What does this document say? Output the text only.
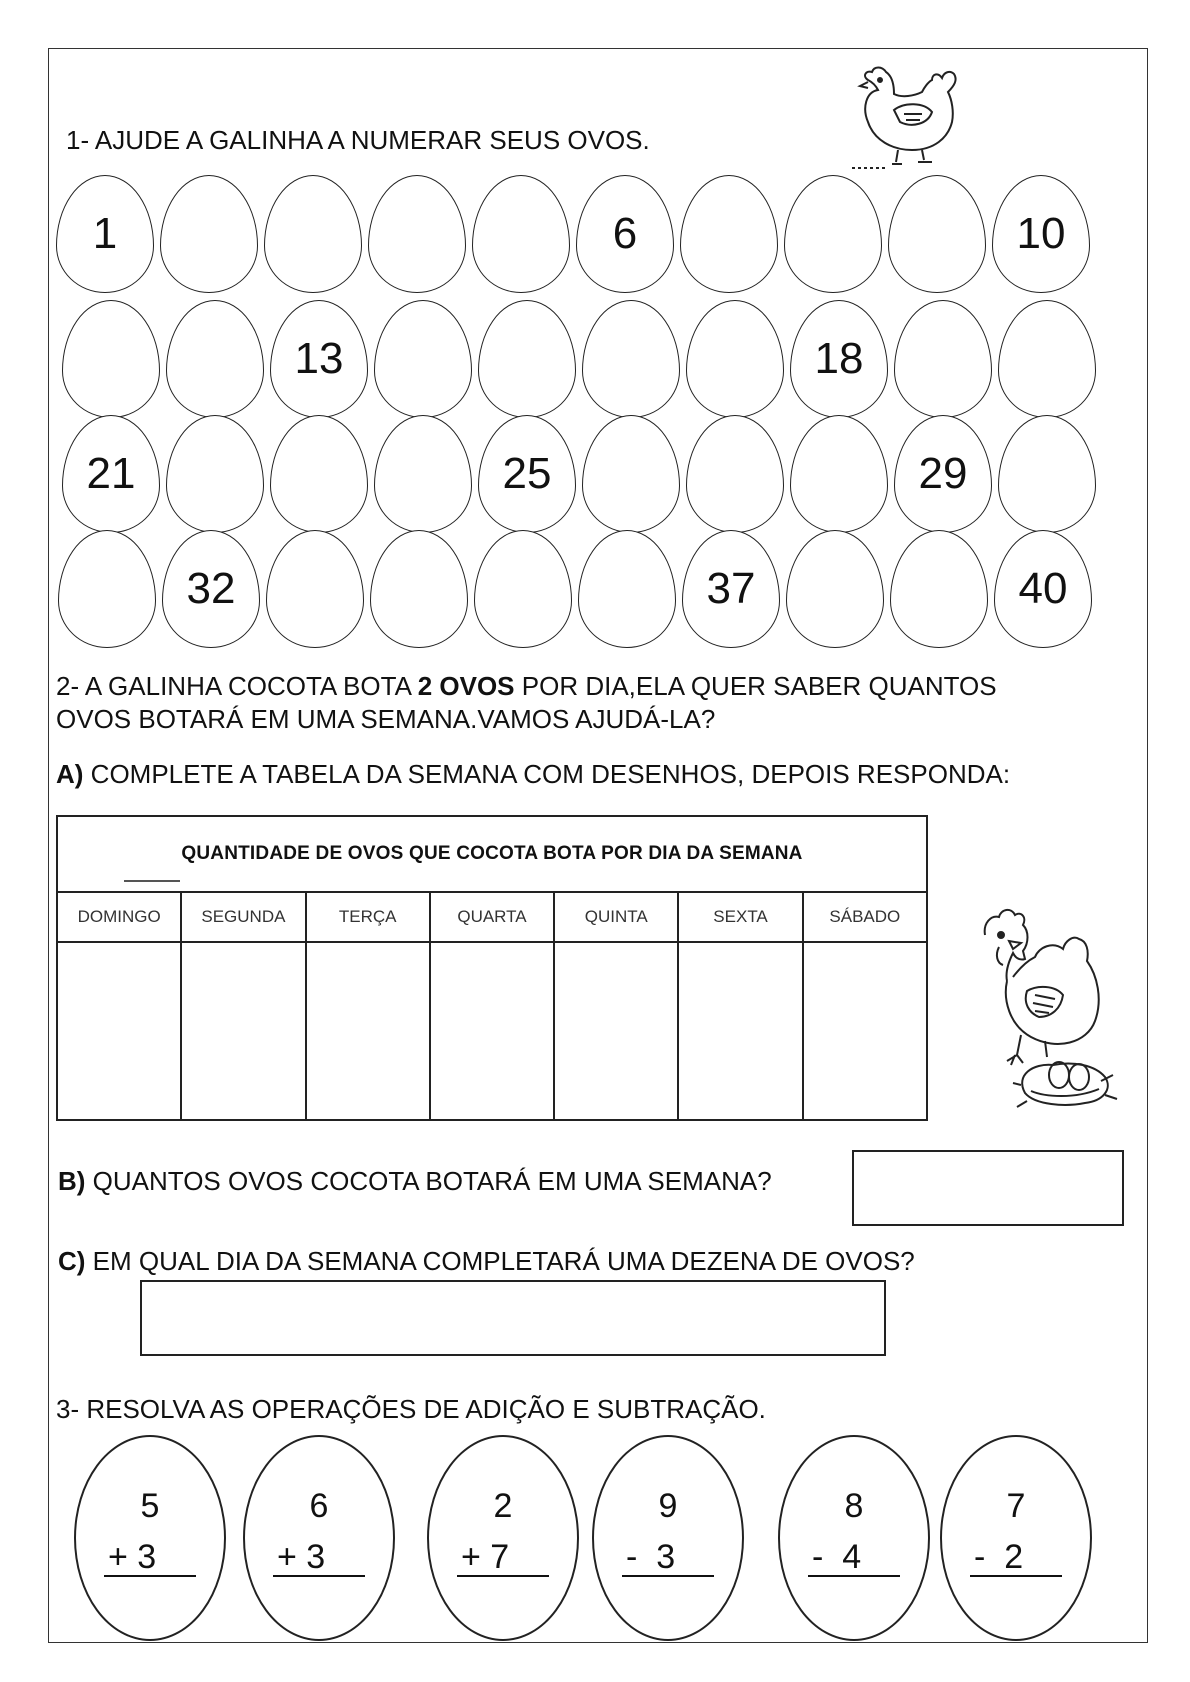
1- AJUDE A GALINHA A NUMERAR SEUS OVOS.
1	6	10
13	18
21	25	29
32	37	40
2- A GALINHA COCOTA BOTA 2 OVOS POR DIA,ELA QUER SABER QUANTOS
OVOS BOTARÁ EM UMA SEMANA.VAMOS AJUDÁ-LA?
A) COMPLETE A TABELA DA SEMANA COM DESENHOS, DEPOIS RESPONDA:
QUANTIDADE DE OVOS QUE COCOTA BOTA POR DIA DA SEMANA
DOMINGO	SEGUNDA	TERÇA	QUARTA	QUINTA	SEXTA	SÁBADO
B) QUANTOS OVOS COCOTA BOTARÁ EM UMA SEMANA?
C) EM QUAL DIA DA SEMANA COMPLETARÁ UMA DEZENA DE OVOS?
3- RESOLVA AS OPERAÇÕES DE ADIÇÃO E SUBTRAÇÃO.
5
+ 3
6
+ 3
2
+ 7
9
-  3
8
-  4
7
-  2
